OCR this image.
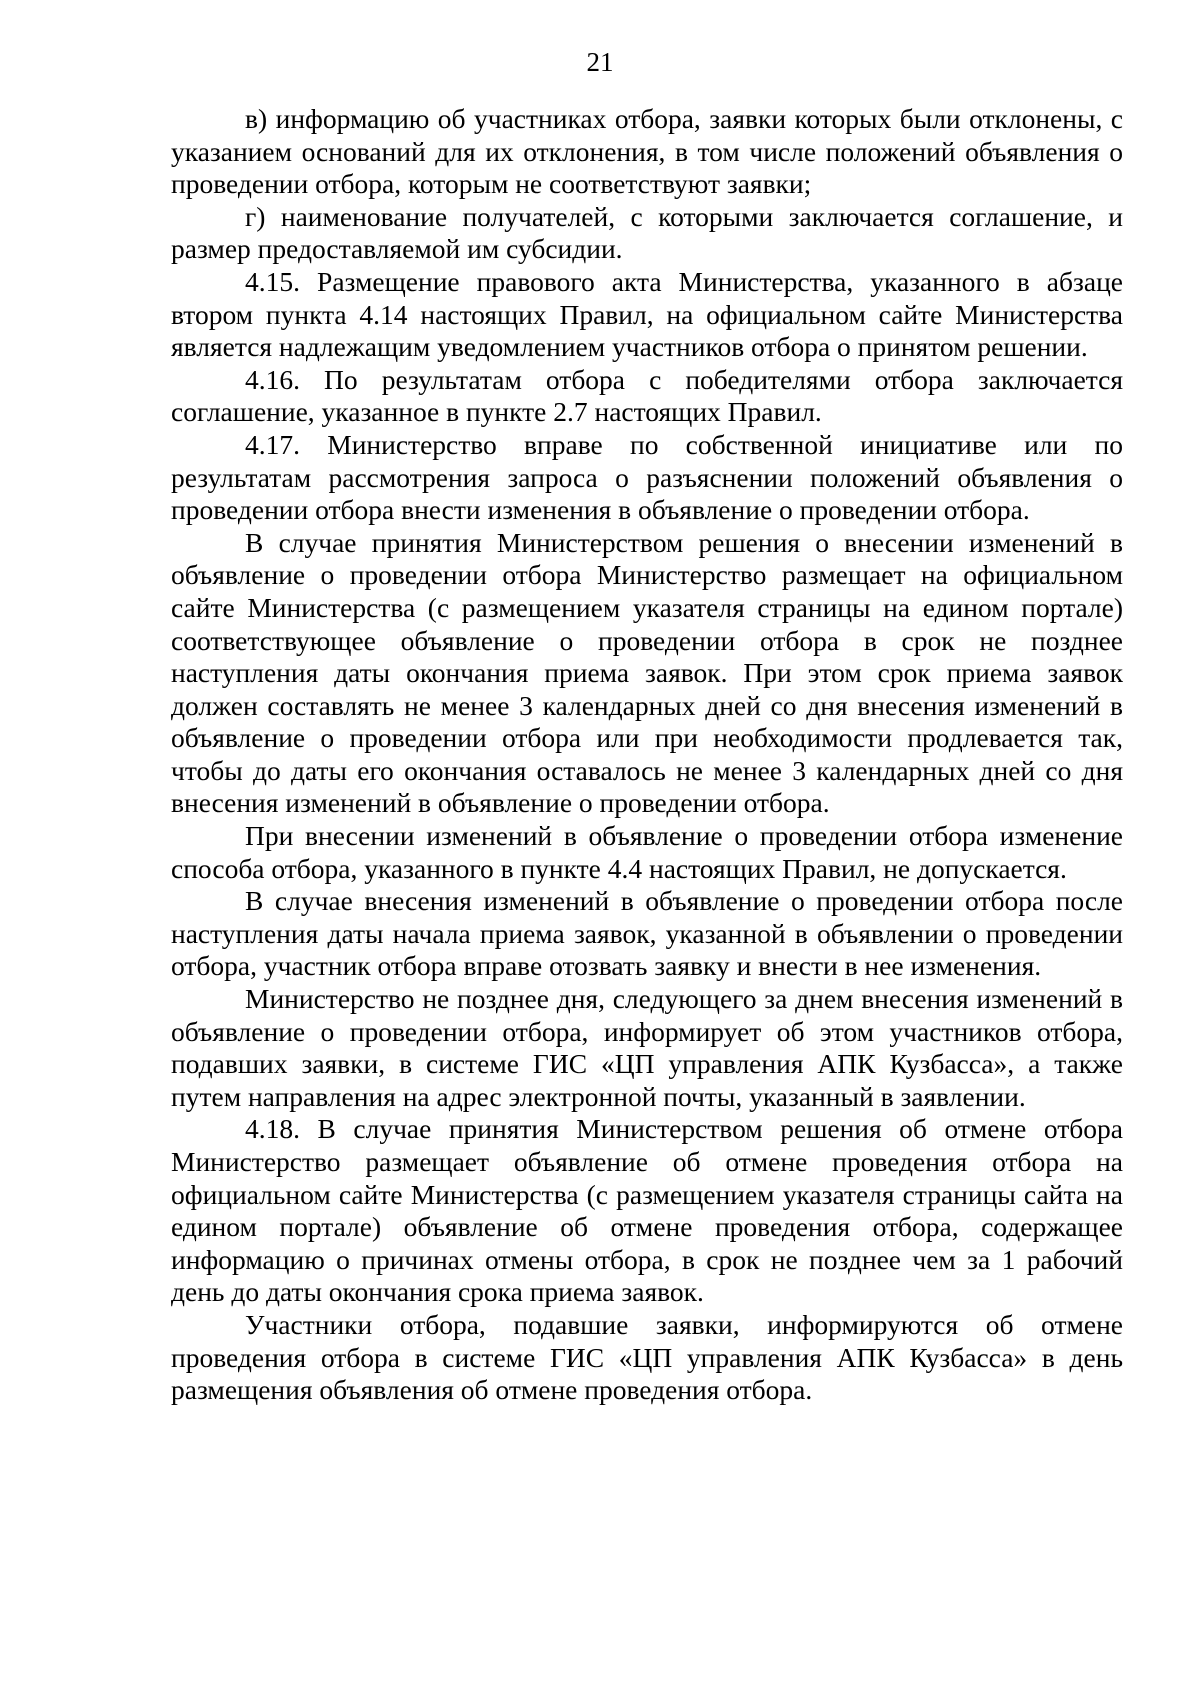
21

в) информацию об участниках отбора, заявки которых были отклонены, с указанием оснований для их отклонения, в том числе положений объявления о проведении отбора, которым не соответствуют заявки;

г) наименование получателей, с которыми заключается соглашение, и размер предоставляемой им субсидии.

4.15. Размещение правового акта Министерства, указанного в абзаце втором пункта 4.14 настоящих Правил, на официальном сайте Министерства является надлежащим уведомлением участников отбора о принятом решении.

4.16. По результатам отбора с победителями отбора заключается соглашение, указанное в пункте 2.7 настоящих Правил.

4.17. Министерство вправе по собственной инициативе или по результатам рассмотрения запроса о разъяснении положений объявления о проведении отбора внести изменения в объявление о проведении отбора.

В случае принятия Министерством решения о внесении изменений в объявление о проведении отбора Министерство размещает на официальном сайте Министерства (с размещением указателя страницы на едином портале) соответствующее объявление о проведении отбора в срок не позднее наступления даты окончания приема заявок. При этом срок приема заявок должен составлять не менее 3 календарных дней со дня внесения изменений в объявление о проведении отбора или при необходимости продлевается так, чтобы до даты его окончания оставалось не менее 3 календарных дней со дня внесения изменений в объявление о проведении отбора.

При внесении изменений в объявление о проведении отбора изменение способа отбора, указанного в пункте 4.4 настоящих Правил, не допускается.

В случае внесения изменений в объявление о проведении отбора после наступления даты начала приема заявок, указанной в объявлении о проведении отбора, участник отбора вправе отозвать заявку и внести в нее изменения.

Министерство не позднее дня, следующего за днем внесения изменений в объявление о проведении отбора, информирует об этом участников отбора, подавших заявки, в системе ГИС «ЦП управления АПК Кузбасса», а также путем направления на адрес электронной почты, указанный в заявлении.

4.18. В случае принятия Министерством решения об отмене отбора Министерство размещает объявление об отмене проведения отбора на официальном сайте Министерства (с размещением указателя страницы сайта на едином портале) объявление об отмене проведения отбора, содержащее информацию о причинах отмены отбора, в срок не позднее чем за 1 рабочий день до даты окончания срока приема заявок.

Участники отбора, подавшие заявки, информируются об отмене проведения отбора в системе ГИС «ЦП управления АПК Кузбасса» в день размещения объявления об отмене проведения отбора.
